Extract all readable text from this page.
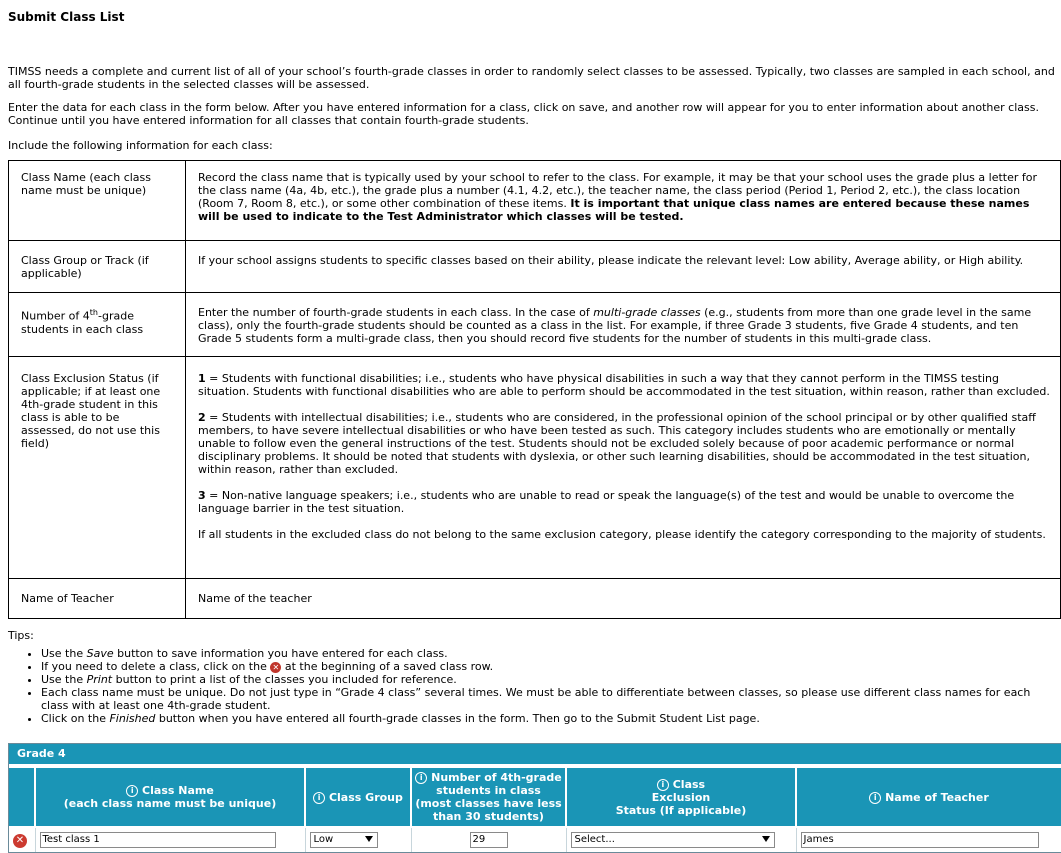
Submit Class List
TIMSS needs a complete and current list of all of your school’s fourth-grade classes in order to randomly select classes to be assessed. Typically, two classes are sampled in each school, and all fourth-grade students in the selected classes will be assessed.
Enter the data for each class in the form below. After you have entered information for a class, click on save, and another row will appear for you to enter information about another class. Continue until you have entered information for all classes that contain fourth-grade students.
Include the following information for each class:
Class Name (each class name must be unique)	Record the class name that is typically used by your school to refer to the class. For example, it may be that your school uses the grade plus a letter for the class name (4a, 4b, etc.), the grade plus a number (4.1, 4.2, etc.), the teacher name, the class period (Period 1, Period 2, etc.), the class location (Room 7, Room 8, etc.), or some other combination of these items. It is important that unique class names are entered because these names will be used to indicate to the Test Administrator which classes will be tested.
Class Group or Track (if applicable)	If your school assigns students to specific classes based on their ability, please indicate the relevant level: Low ability, Average ability, or High ability.
Number of 4th-grade students in each class	Enter the number of fourth-grade students in each class. In the case of multi-grade classes (e.g., students from more than one grade level in the same class), only the fourth-grade students should be counted as a class in the list. For example, if three Grade 3 students, five Grade 4 students, and ten Grade 5 students form a multi-grade class, then you should record five students for the number of students in this multi-grade class.
Class Exclusion Status (if applicable; if at least one 4th-grade student in this class is able to be assessed, do not use this field)	1 = Students with functional disabilities; i.e., students who have physical disabilities in such a way that they cannot perform in the TIMSS testing situation. Students with functional disabilities who are able to perform should be accommodated in the test situation, within reason, rather than excluded.
2 = Students with intellectual disabilities; i.e., students who are considered, in the professional opinion of the school principal or by other qualified staff members, to have severe intellectual disabilities or who have been tested as such. This category includes students who are emotionally or mentally unable to follow even the general instructions of the test. Students should not be excluded solely because of poor academic performance or normal disciplinary problems. It should be noted that students with dyslexia, or other such learning disabilities, should be accommodated in the test situation, within reason, rather than excluded.
3 = Non-native language speakers; i.e., students who are unable to read or speak the language(s) of the test and would be unable to overcome the language barrier in the test situation.
If all students in the excluded class do not belong to the same exclusion category, please identify the category corresponding to the majority of students.

Name of Teacher	Name of the teacher
Tips:
• Use the Save button to save information you have entered for each class.
• If you need to delete a class, click on the ✕ at the beginning of a saved class row.
• Use the Print button to print a list of the classes you included for reference.
• Each class name must be unique. Do not just type in “Grade 4 class” several times. We must be able to differentiate between classes, so please use different class names for each class with at least one 4th-grade student.
• Click on the Finished button when you have entered all fourth-grade classes in the form. Then go to the Submit Student List page.
Grade 4
	i Class Name
(each class name must be unique)	i Class Group	i Number of 4th-grade
students in class
(most classes have less
than 30 students)	i Class
Exclusion
Status (If applicable)	i Name of Teacher
✕	Test class 1	Low	29	Select...	James
